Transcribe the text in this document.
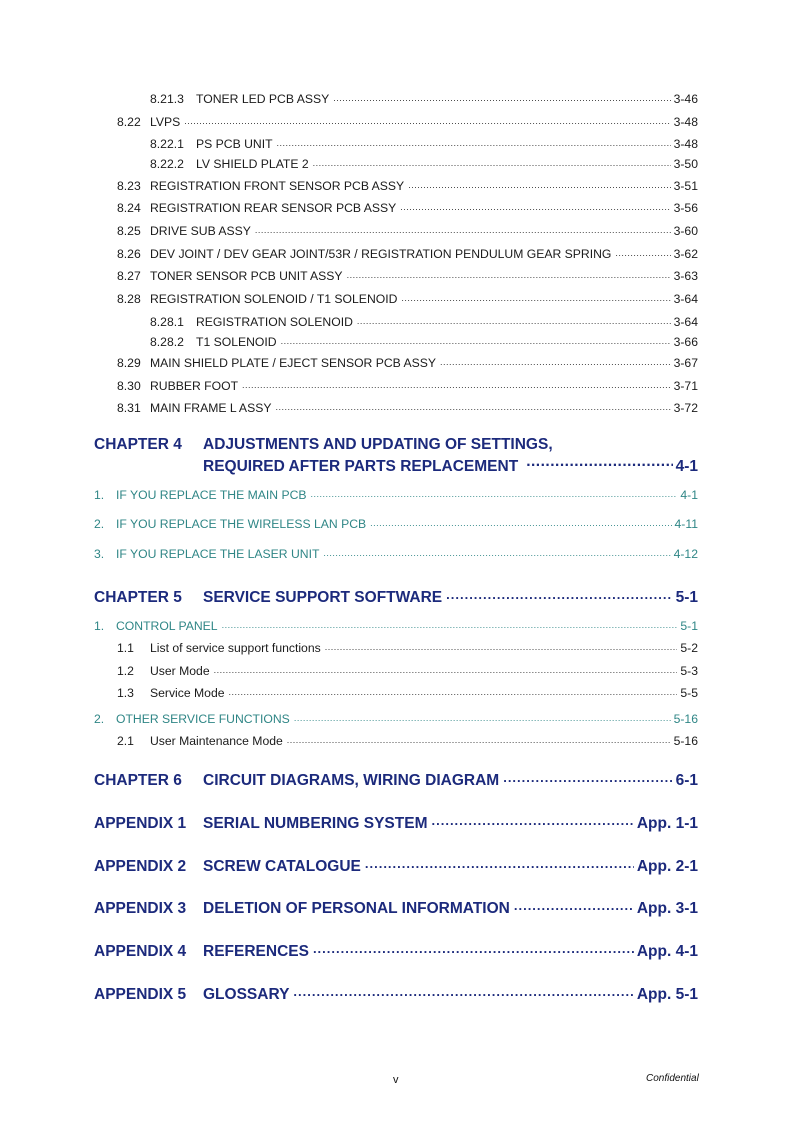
8.21.3 TONER LED PCB ASSY .....	3-46
8.22 LVPS .....	3-48
8.22.1 PS PCB UNIT .....	3-48
8.22.2 LV SHIELD PLATE 2 .....	3-50
8.23 REGISTRATION FRONT SENSOR PCB ASSY .....	3-51
8.24 REGISTRATION REAR SENSOR PCB ASSY .....	3-56
8.25 DRIVE SUB ASSY .....	3-60
8.26 DEV JOINT / DEV GEAR JOINT/53R / REGISTRATION PENDULUM GEAR SPRING .....	3-62
8.27 TONER SENSOR PCB UNIT ASSY .....	3-63
8.28 REGISTRATION SOLENOID / T1 SOLENOID .....	3-64
8.28.1 REGISTRATION SOLENOID .....	3-64
8.28.2 T1 SOLENOID .....	3-66
8.29 MAIN SHIELD PLATE / EJECT SENSOR PCB ASSY .....	3-67
8.30 RUBBER FOOT .....	3-71
8.31 MAIN FRAME L ASSY .....	3-72
CHAPTER 4	ADJUSTMENTS AND UPDATING OF SETTINGS,
REQUIRED AFTER PARTS REPLACEMENT .....	4-1
1. IF YOU REPLACE THE MAIN PCB .....	4-1
2. IF YOU REPLACE THE WIRELESS LAN PCB .....	4-11
3. IF YOU REPLACE THE LASER UNIT .....	4-12
CHAPTER 5	SERVICE SUPPORT SOFTWARE .....	5-1
1. CONTROL PANEL .....	5-1
1.1	List of service support functions .....	5-2
1.2	User Mode .....	5-3
1.3	Service Mode .....	5-5
2. OTHER SERVICE FUNCTIONS .....	5-16
2.1	User Maintenance Mode .....	5-16
CHAPTER 6	CIRCUIT DIAGRAMS, WIRING DIAGRAM .....	6-1
APPENDIX 1	SERIAL NUMBERING SYSTEM .....	App. 1-1
APPENDIX 2	SCREW CATALOGUE .....	App. 2-1
APPENDIX 3	DELETION OF PERSONAL INFORMATION .....	App. 3-1
APPENDIX 4	REFERENCES .....	App. 4-1
APPENDIX 5	GLOSSARY .....	App. 5-1
v	Confidential
